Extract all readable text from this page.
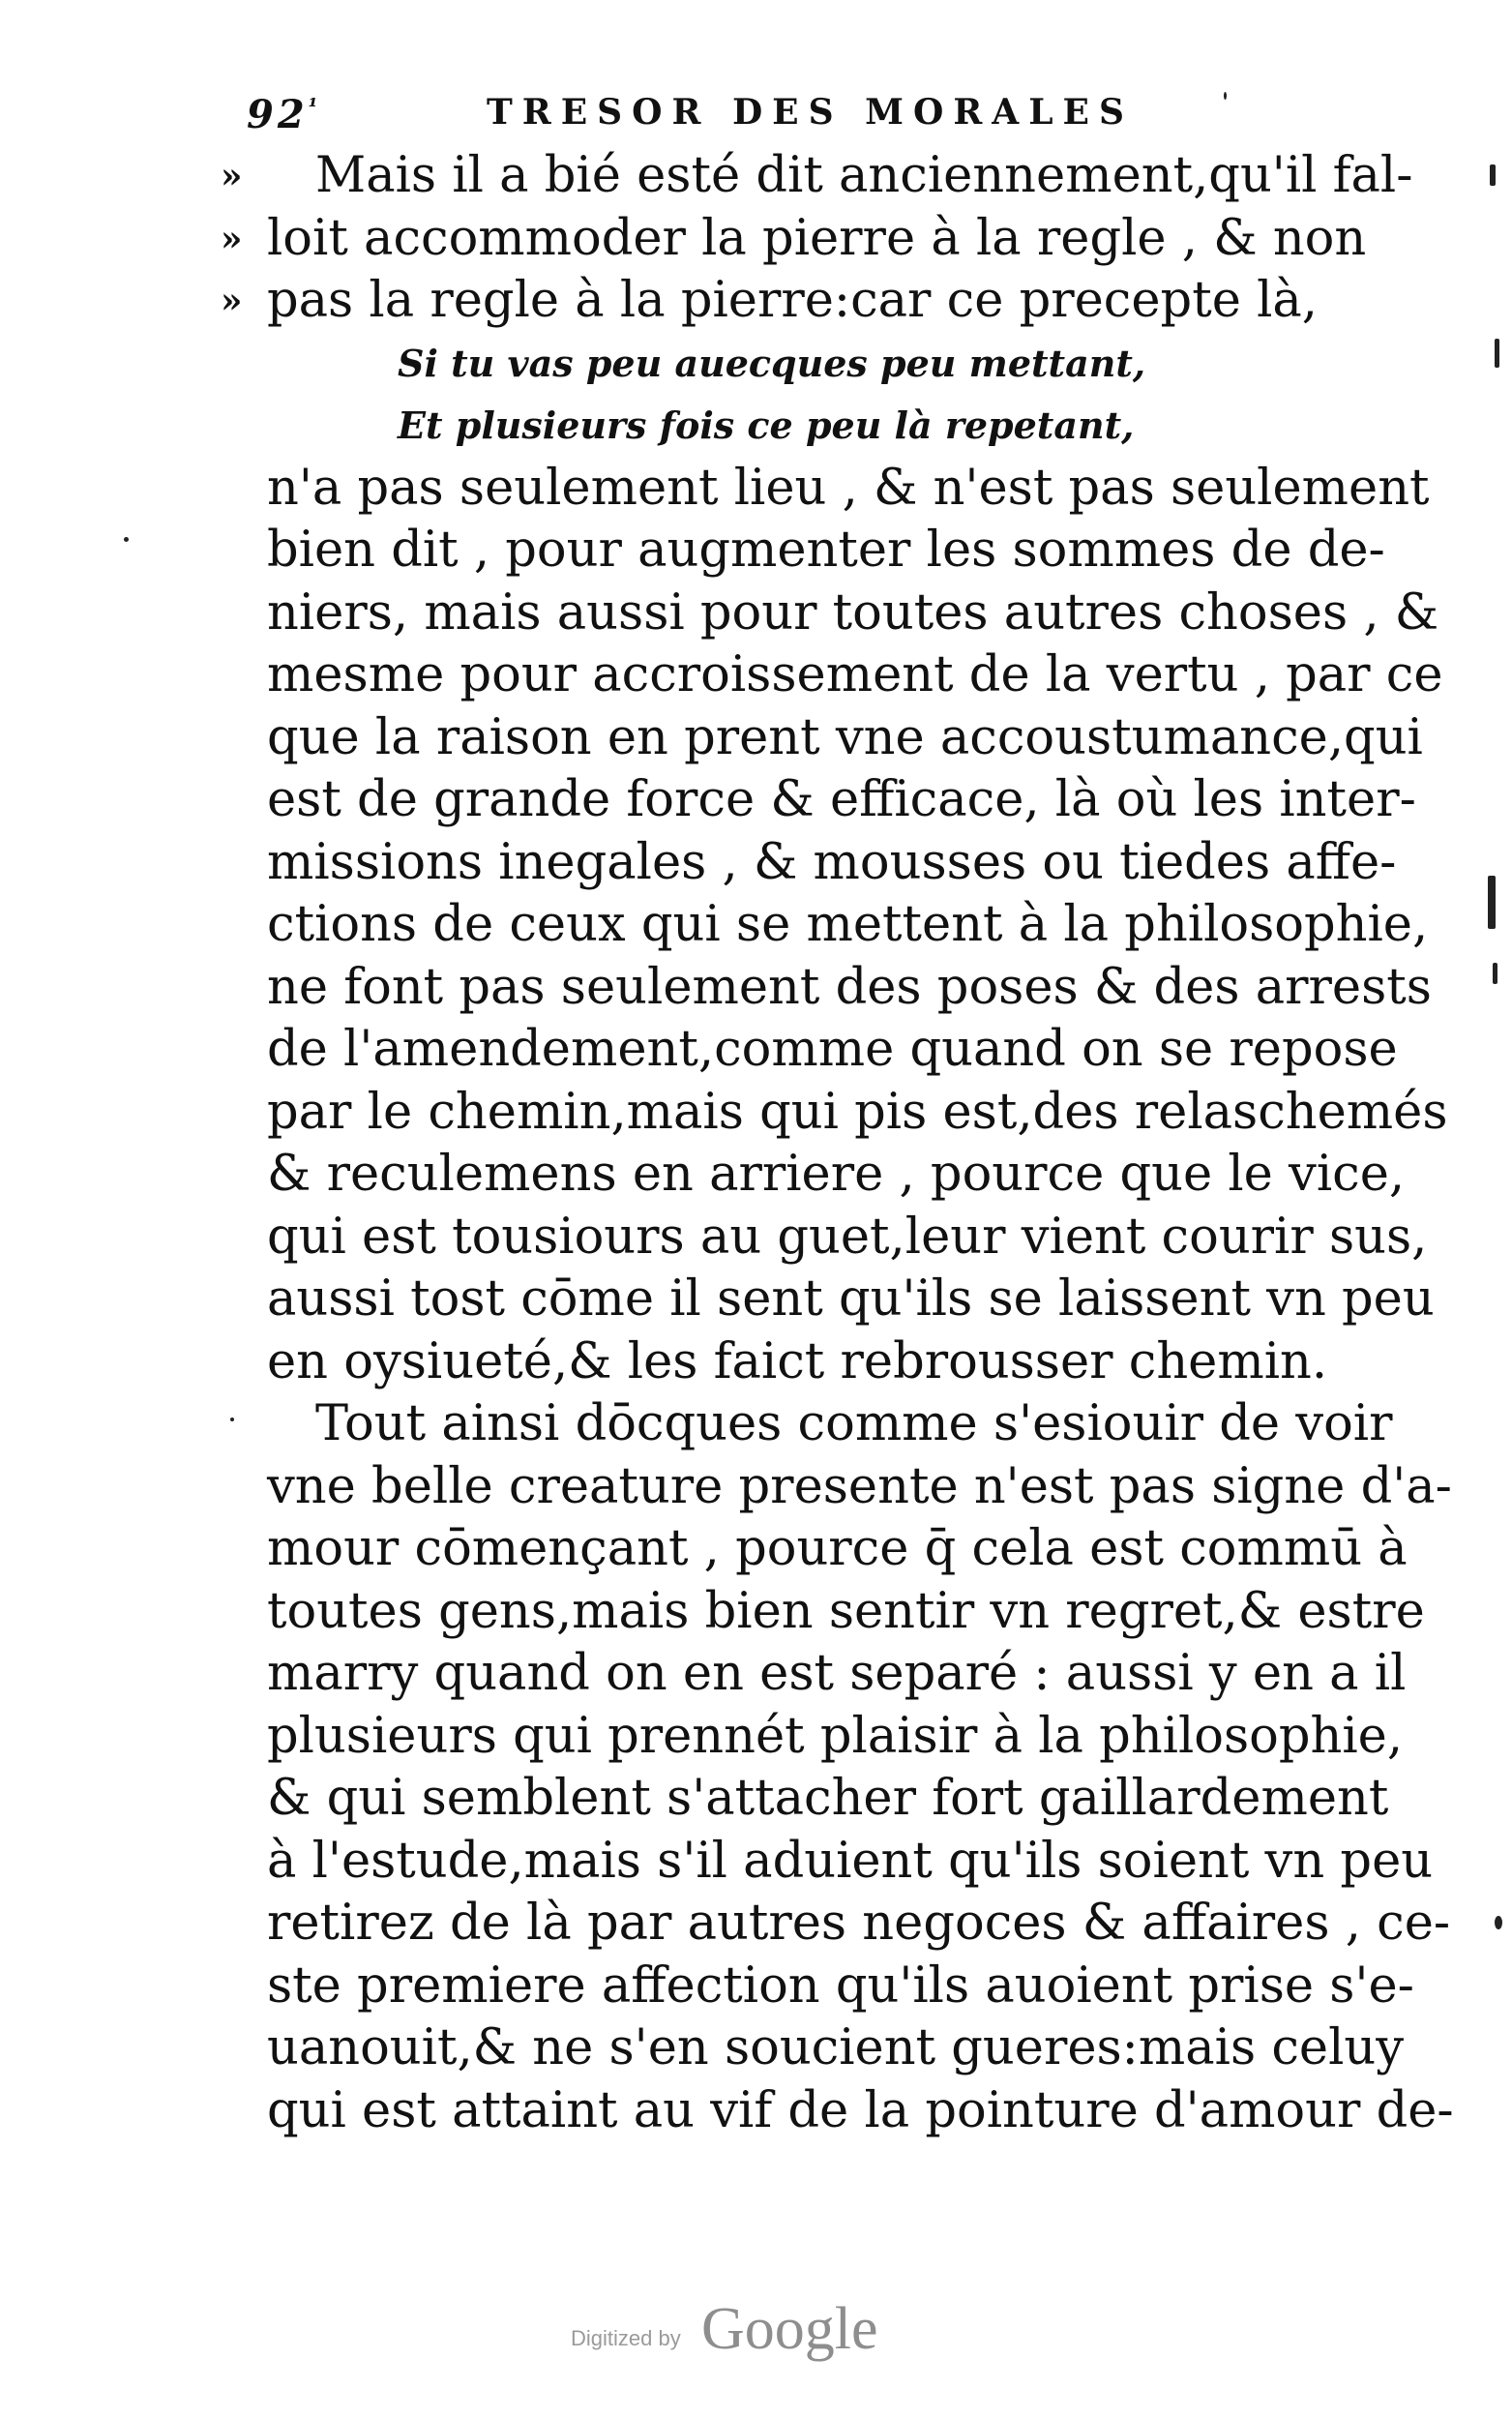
$92^{^1}$	TRESOR DES MORALES
» Mais il a bié esté dit anciennement,qu'il fal-
» loit accommoder la pierre à la regle , & non
» pas la regle à la pierre:car ce precepte là,
Si tu vas peu auecques peu mettant,
Et plusieurs fois ce peu là repetant,
n'a pas seulement lieu , & n'est pas seulement
bien dit , pour augmenter les sommes de de-
niers, mais aussi pour toutes autres choses , &
mesme pour accroissement de la vertu , par ce
que la raison en prent vne accoustumance,qui
est de grande force & efficace, là où les inter-
missions inegales , & mousses ou tiedes affe-
ctions de ceux qui se mettent à la philosophie,
ne font pas seulement des poses & des arrests
de l'amendement,comme quand on se repose
par le chemin,mais qui pis est,des relaschemés
& reculemens en arriere , pource que le vice,
qui est tousiours au guet,leur vient courir sus,
aussi tost cōme il sent qu'ils se laissent vn peu
en oysiueté,& les faict rebrousser chemin.
Tout ainsi dōcques comme s'esiouir de voir
vne belle creature presente n'est pas signe d'a-
mour cōmençant , pource q̄ cela est commū à
toutes gens,mais bien sentir vn regret,& estre
marry quand on en est separé : aussi y en a il
plusieurs qui prennét plaisir à la philosophie,
& qui semblent s'attacher fort gaillardement
à l'estude,mais s'il aduient qu'ils soient vn peu
retirez de là par autres negoces & affaires , ce-
ste premiere affection qu'ils auoient prise s'e-
uanouit,& ne s'en soucient gueres:mais celuy
qui est attaint au vif de la pointure d'amour de-
Digitized by Google
